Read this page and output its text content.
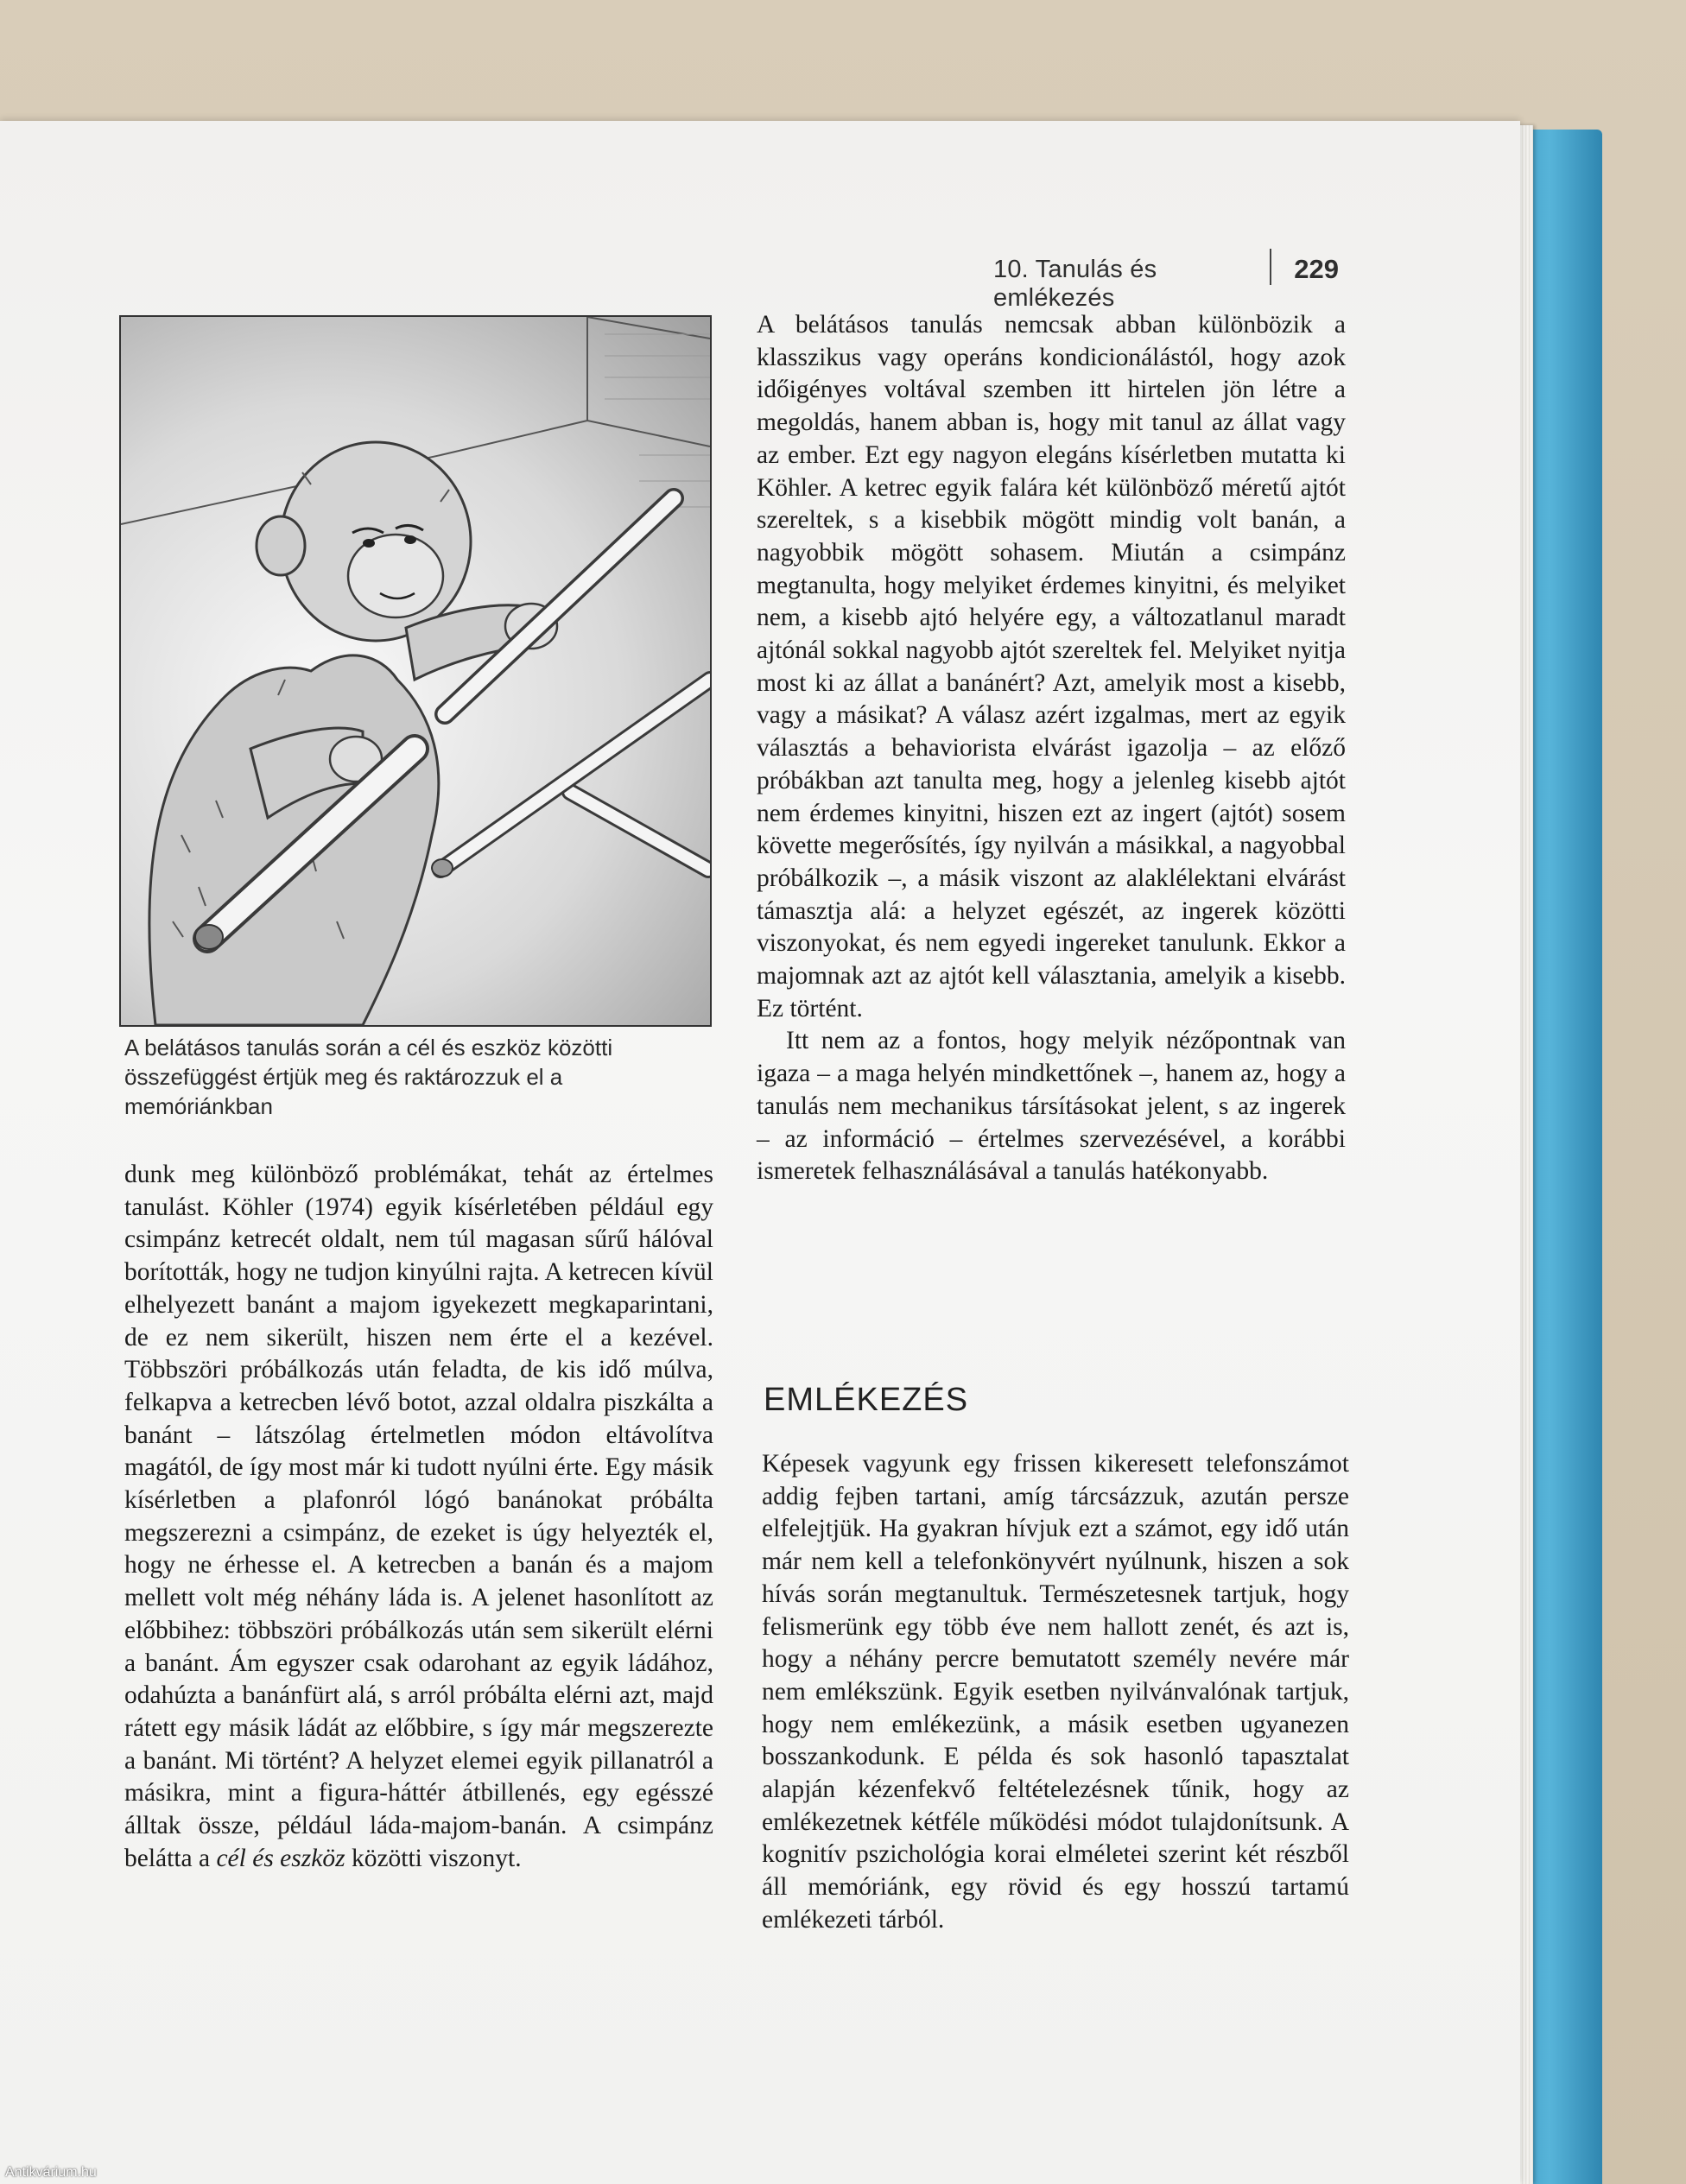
10. Tanulás és emlékezés
229
A belátásos tanulás során a cél és eszköz közötti összefüggést értjük meg és raktározzuk el a memóriánkban

dunk meg különböző problémákat, tehát az értelmes tanulást. Köhler (1974) egyik kísérletében például egy csimpánz ketrecét oldalt, nem túl magasan sűrű hálóval borították, hogy ne tudjon kinyúlni rajta. A ketrecen kívül elhelyezett banánt a majom igyekezett megkaparintani, de ez nem sikerült, hiszen nem érte el a kezével. Többszöri próbálkozás után feladta, de kis idő múlva, felkapva a ketrecben lévő botot, azzal oldalra piszkálta a banánt – látszólag értelmetlen módon eltávolítva magától, de így most már ki tudott nyúlni érte. Egy másik kísérletben a plafonról lógó banánokat próbálta megszerezni a csimpánz, de ezeket is úgy helyezték el, hogy ne érhesse el. A ketrecben a banán és a majom mellett volt még néhány láda is. A jelenet hasonlított az előbbihez: többszöri próbálkozás után sem sikerült elérni a banánt. Ám egyszer csak odarohant az egyik ládához, odahúzta a banánfürt alá, s arról próbálta elérni azt, majd rátett egy másik ládát az előbbire, s így már megszerezte a banánt. Mi történt? A helyzet elemei egyik pillanatról a másikra, mint a figura-háttér átbillenés, egy egésszé álltak össze, például láda-majom-banán. A csimpánz belátta a cél és eszköz közötti viszonyt.

A belátásos tanulás nemcsak abban különbözik a klasszikus vagy operáns kondicionálástól, hogy azok időigényes voltával szemben itt hirtelen jön létre a megoldás, hanem abban is, hogy mit tanul az állat vagy az ember. Ezt egy nagyon elegáns kísérletben mutatta ki Köhler. A ketrec egyik falára két különböző méretű ajtót szereltek, s a kisebbik mögött mindig volt banán, a nagyobbik mögött sohasem. Miután a csimpánz megtanulta, hogy melyiket érdemes kinyitni, és melyiket nem, a kisebb ajtó helyére egy, a változatlanul maradt ajtónál sokkal nagyobb ajtót szereltek fel. Melyiket nyitja most ki az állat a banánért? Azt, amelyik most a kisebb, vagy a másikat? A válasz azért izgalmas, mert az egyik választás a behaviorista elvárást igazolja – az előző próbákban azt tanulta meg, hogy a jelenleg kisebb ajtót nem érdemes kinyitni, hiszen ezt az ingert (ajtót) sosem követte megerősítés, így nyilván a másikkal, a nagyobbal próbálkozik –, a másik viszont az alaklélektani elvárást támasztja alá: a helyzet egészét, az ingerek közötti viszonyokat, és nem egyedi ingereket tanulunk. Ekkor a majomnak azt az ajtót kell választania, amelyik a kisebb. Ez történt.

Itt nem az a fontos, hogy melyik nézőpontnak van igaza – a maga helyén mindkettőnek –, hanem az, hogy a tanulás nem mechanikus társításokat jelent, s az ingerek – az információ – értelmes szervezésével, a korábbi ismeretek felhasználásával a tanulás hatékonyabb.

EMLÉKEZÉS

Képesek vagyunk egy frissen kikeresett telefonszámot addig fejben tartani, amíg tárcsázzuk, azután persze elfelejtjük. Ha gyakran hívjuk ezt a számot, egy idő után már nem kell a telefonkönyvért nyúlnunk, hiszen a sok hívás során megtanultuk. Természetesnek tartjuk, hogy felismerünk egy több éve nem hallott zenét, és azt is, hogy a néhány percre bemutatott személy nevére már nem emlékszünk. Egyik esetben nyilvánvalónak tartjuk, hogy nem emlékezünk, a másik esetben ugyanezen bosszankodunk. E példa és sok hasonló tapasztalat alapján kézenfekvő feltételezésnek tűnik, hogy az emlékezetnek kétféle működési módot tulajdonítsunk. A kognitív pszichológia korai elméletei szerint két részből áll memóriánk, egy rövid és egy hosszú tartamú emlékezeti tárból.

Antikvárium.hu
